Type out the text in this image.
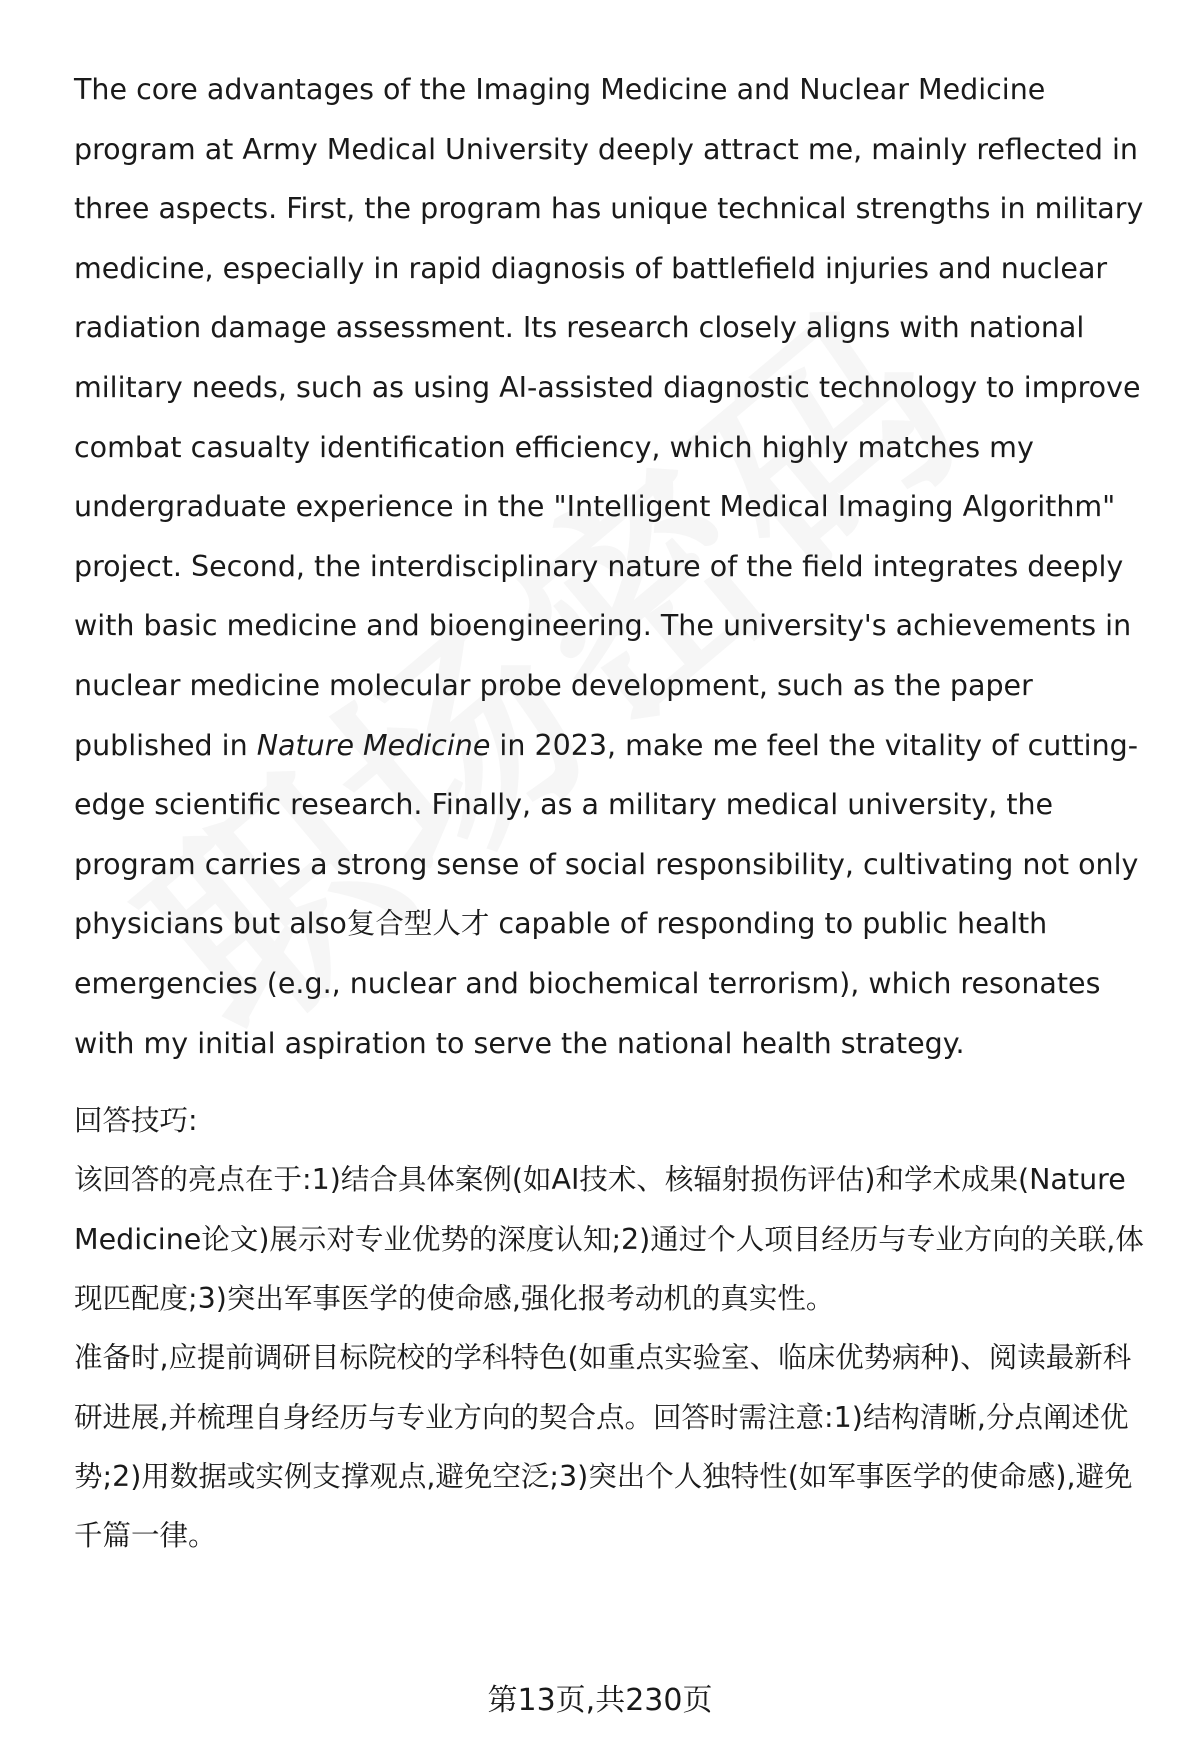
The core advantages of the Imaging Medicine and Nuclear Medicine program at Army Medical University deeply attract me, mainly reflected in three aspects. First, the program has unique technical strengths in military medicine, especially in rapid diagnosis of battlefield injuries and nuclear radiation damage assessment. Its research closely aligns with national military needs, such as using AI-assisted diagnostic technology to improve combat casualty identification efficiency, which highly matches my undergraduate experience in the "Intelligent Medical Imaging Algorithm" project. Second, the interdisciplinary nature of the field integrates deeply with basic medicine and bioengineering. The university's achievements in nuclear medicine molecular probe development, such as the paper published in Nature Medicine in 2023, make me feel the vitality of cutting-edge scientific research. Finally, as a military medical university, the program carries a strong sense of social responsibility, cultivating not only physicians but also复合型人才 capable of responding to public health emergencies (e.g., nuclear and biochemical terrorism), which resonates with my initial aspiration to serve the national health strategy.

回答技巧:

该回答的亮点在于:1)结合具体案例(如AI技术、核辐射损伤评估)和学术成果(Nature Medicine论文)展示对专业优势的深度认知;2)通过个人项目经历与专业方向的关联,体现匹配度;3)突出军事医学的使命感,强化报考动机的真实性。

准备时,应提前调研目标院校的学科特色(如重点实验室、临床优势病种)、阅读最新科研进展,并梳理自身经历与专业方向的契合点。回答时需注意:1)结构清晰,分点阐述优势;2)用数据或实例支撑观点,避免空泛;3)突出个人独特性(如军事医学的使命感),避免千篇一律。

第13页,共230页
